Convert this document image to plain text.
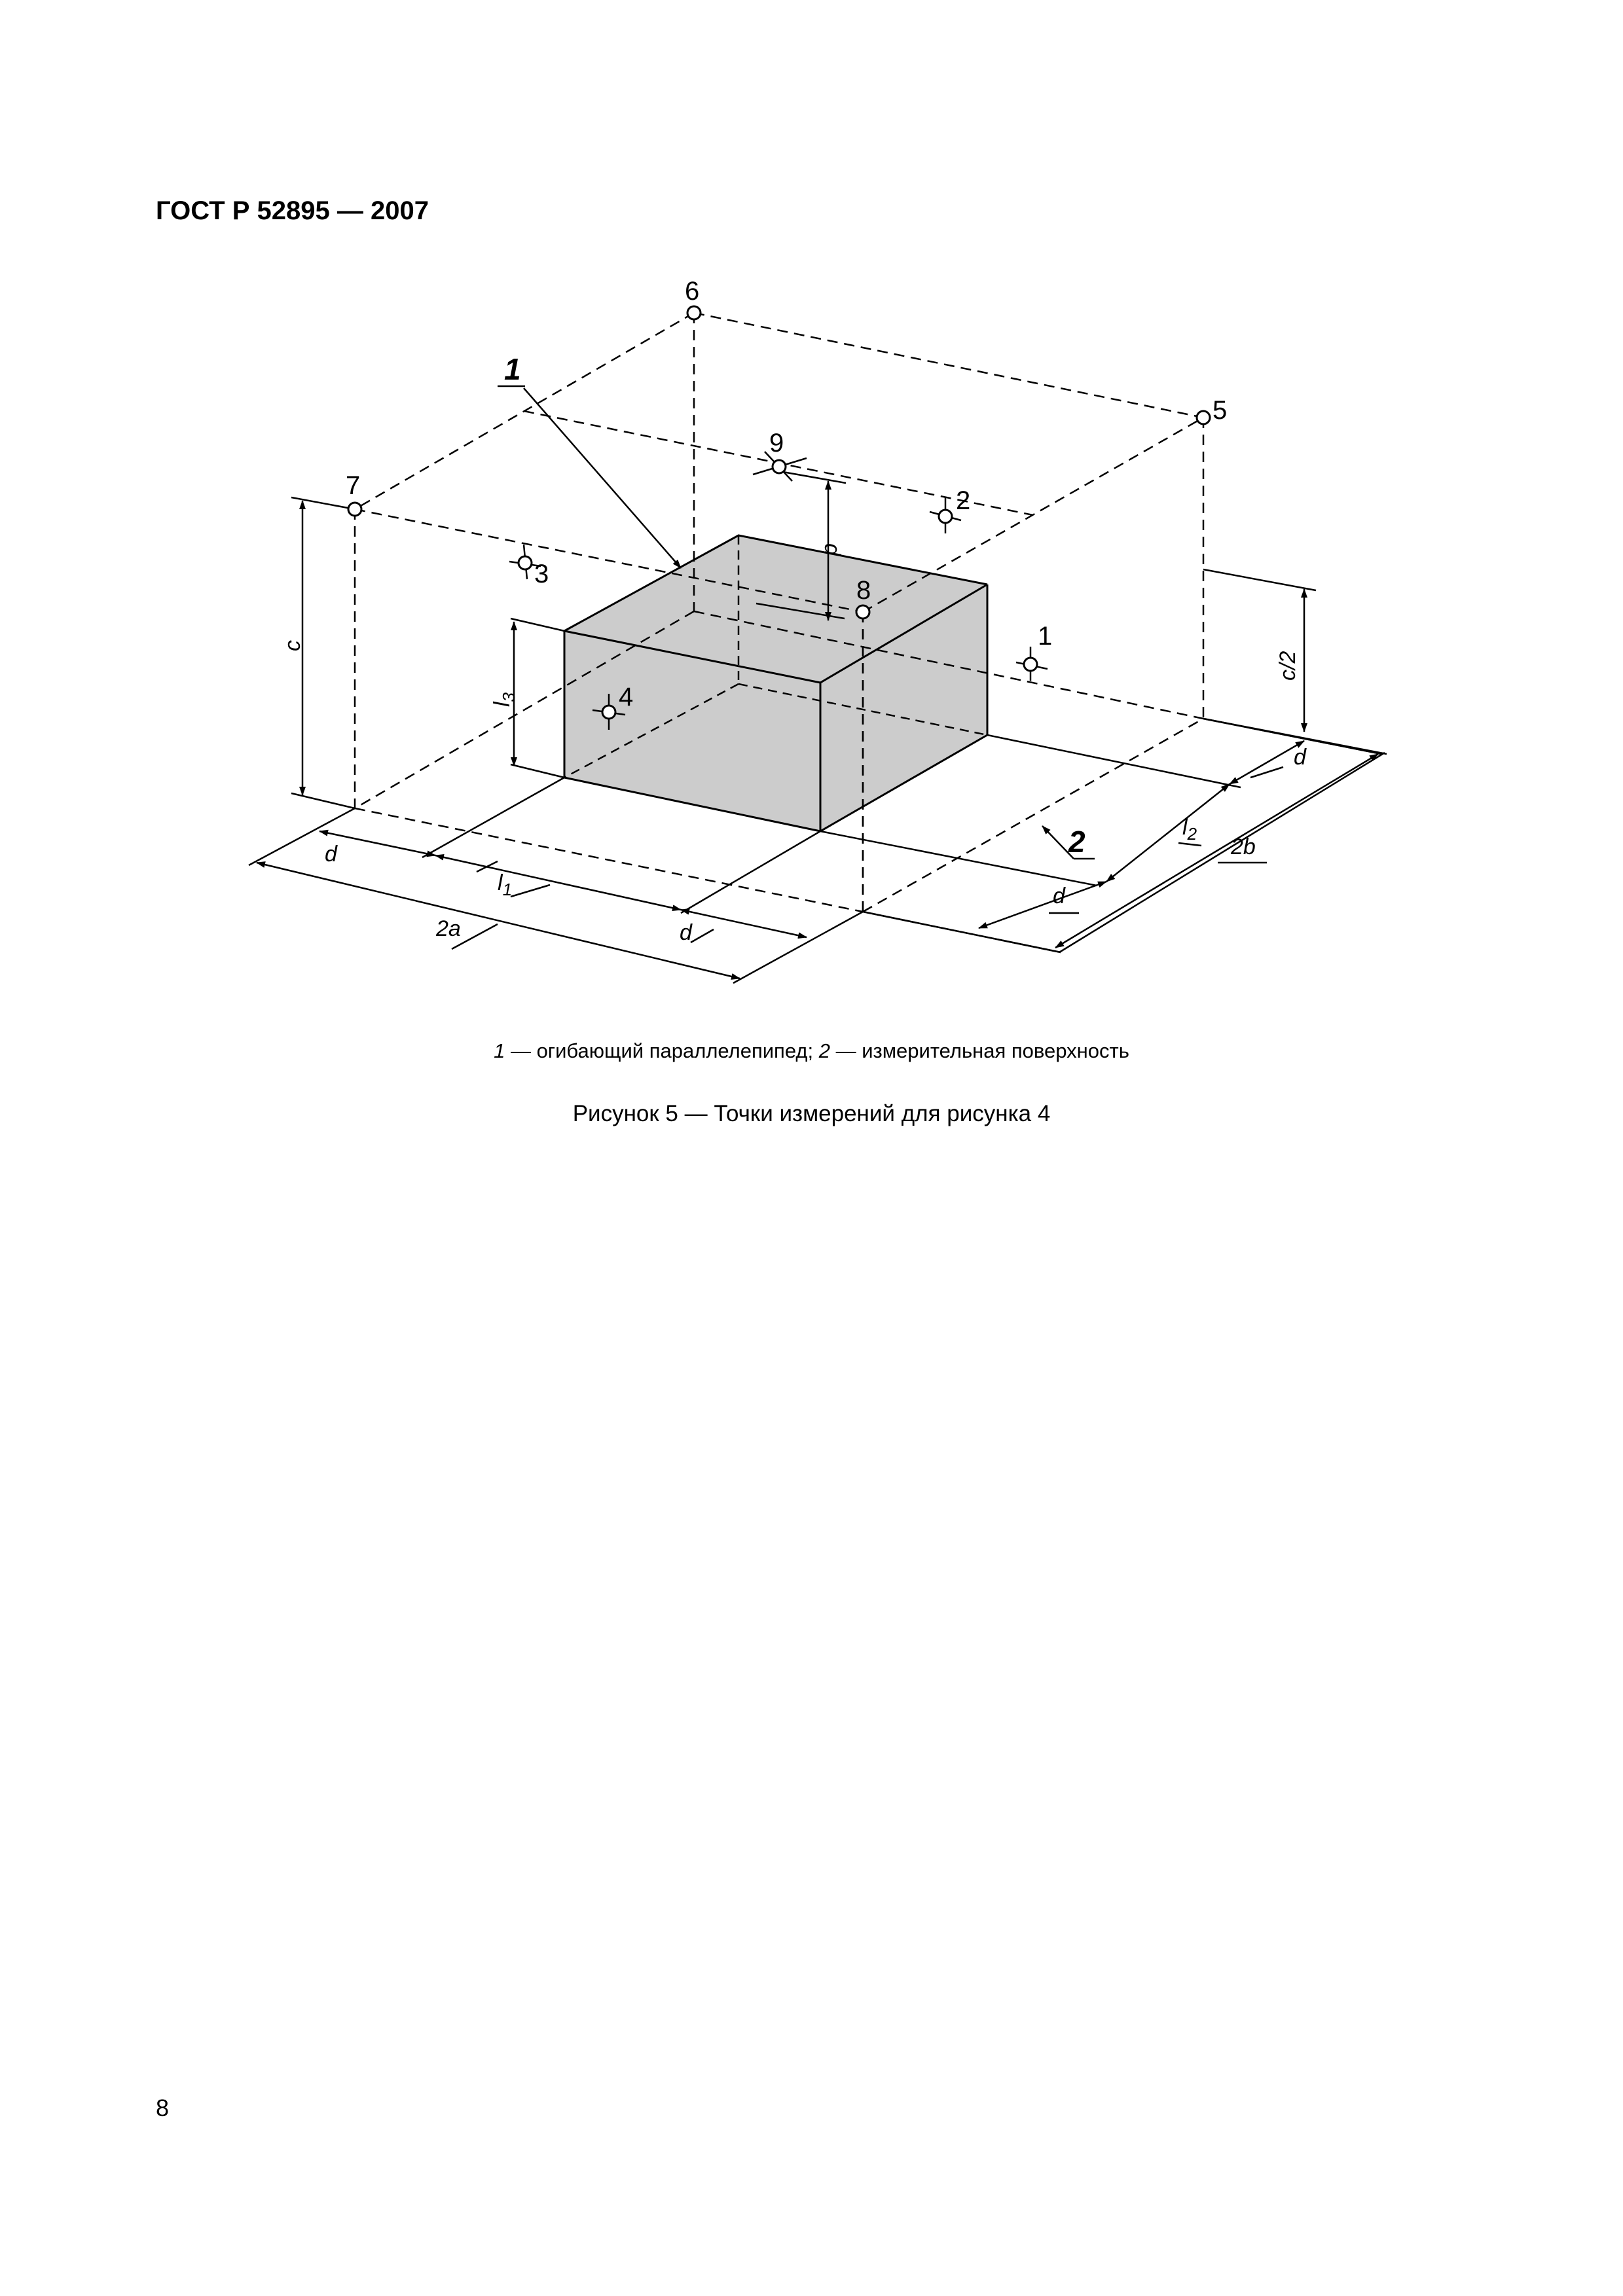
ГОСТ Р 52895 — 2007
6
5
7
8
9
2
3
4
1
1
2
c
$l_3$
d
c/2
d
$l_1$
d
2a
d
$l_2$
2b
d
1 — огибающий параллелепипед; 2 — измерительная поверхность
Рисунок 5 — Точки измерений для рисунка 4
8
